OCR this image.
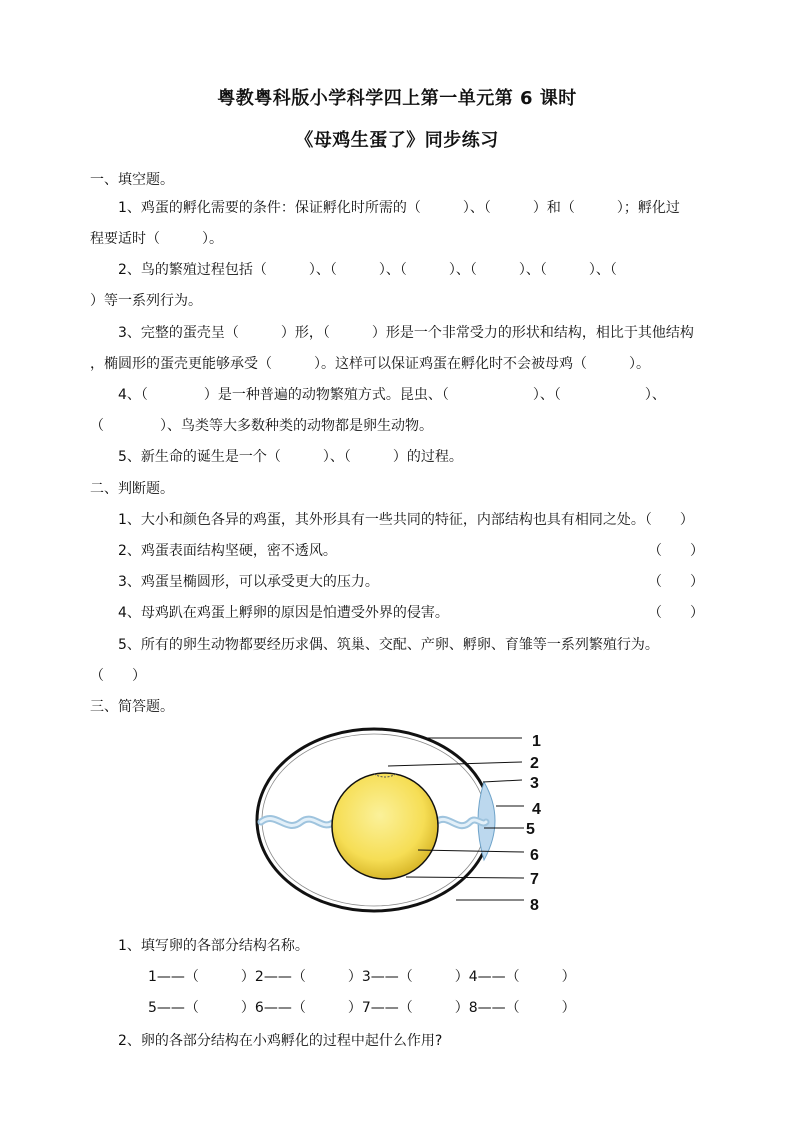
粤教粤科版小学科学四上第一单元第 6 课时
《母鸡生蛋了》同步练习
一、填空题。
1、鸡蛋的孵化需要的条件：保证孵化时所需的（　　　）、（　　　）和（　　　）；孵化过
程要适时（　　　）。
2、鸟的繁殖过程包括（　　　）、（　　　）、（　　　）、（　　　）、（　　　）、（
）等一系列行为。
3、完整的蛋壳呈（　　　）形，（　　　）形是一个非常受力的形状和结构，相比于其他结构
，椭圆形的蛋壳更能够承受（　　　）。这样可以保证鸡蛋在孵化时不会被母鸡（　　　）。
4、（　　　　）是一种普遍的动物繁殖方式。昆虫、（　　　　　　）、（　　　　　　）、
（　　　　）、鸟类等大多数种类的动物都是卵生动物。
5、新生命的诞生是一个（　　　）、（　　　）的过程。
二、判断题。
1、大小和颜色各异的鸡蛋，其外形具有一些共同的特征，内部结构也具有相同之处。（　　）
2、鸡蛋表面结构坚硬，密不透风。	（　　）
3、鸡蛋呈椭圆形，可以承受更大的压力。	（　　）
4、母鸡趴在鸡蛋上孵卵的原因是怕遭受外界的侵害。	（　　）
5、所有的卵生动物都要经历求偶、筑巢、交配、产卵、孵卵、育雏等一系列繁殖行为。
（　　）
三、简答题。
1
2
3
4
5
6
7
8
1、填写卵的各部分结构名称。
1——（　　　）2——（　　　）3——（　　　）4——（　　　）
5——（　　　）6——（　　　）7——（　　　）8——（　　　）
2、卵的各部分结构在小鸡孵化的过程中起什么作用?
